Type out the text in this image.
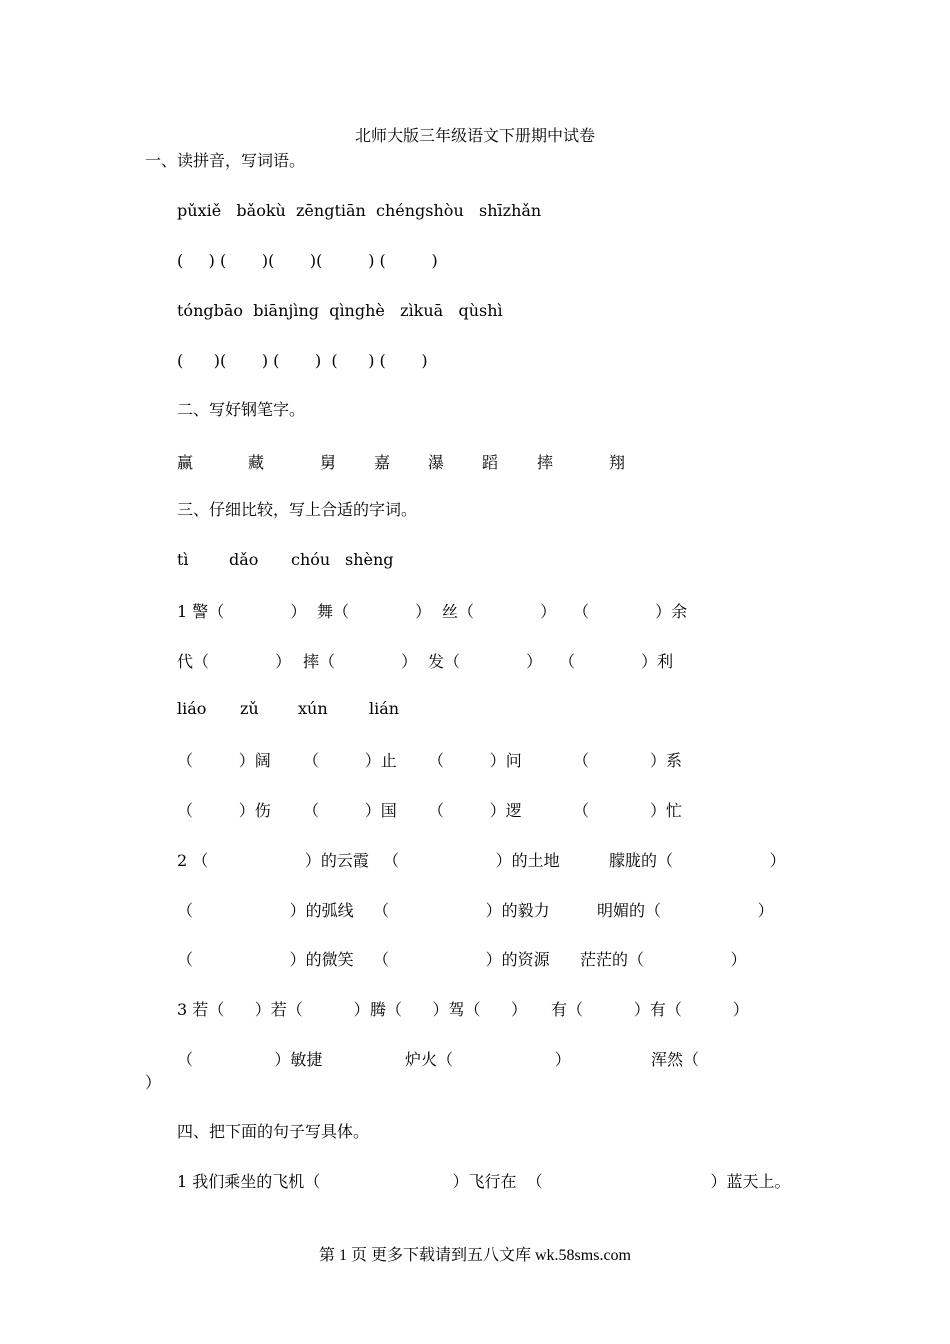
北师大版三年级语文下册期中试卷
一、读拼音，写词语。
pǔxiě   bǎokù  zēngtiān  chéngshòu   shīzhǎn
(     ) (       )(       )(         ) (         )
tóngbāo  biānjìng  qìnghè   zìkuā   qùshì
(      )(       ) (       )  (      ) (       )
二、写好钢笔字。
赢	藏	舅 嘉 瀑 蹈 摔	翔
三、仔细比较，写上合适的字词。
tì	dǎo chóu shèng
1 警（             ） 舞（             ） 丝（             ） （             ）余
代（             ） 摔（             ） 发（             ） （             ）利
liáo zǔ xún	lián
（         ）阔 （         ）止 （         ）问	（            ）系
（         ）伤 （         ）国 （         ）逻	（            ）忙
2 （                   ）的云霞 （                   ）的土地	朦胧的（                   ）
（                   ）的弧线 （                   ）的毅力	明媚的（                   ）
（                   ）的微笑 （                   ）的资源 茫茫的（                 ）
3 若（      ）若（          ） 腾（      ）驾（      ） 有（          ）有（          ）
（                ）敏捷	炉火（                    ）	浑然（
）
四、把下面的句子写具体。
1 我们乘坐的飞机（                          ）飞行在  （                                 ）蓝天上。
第 1 页 更多下载请到五八文库 wk.58sms.com
